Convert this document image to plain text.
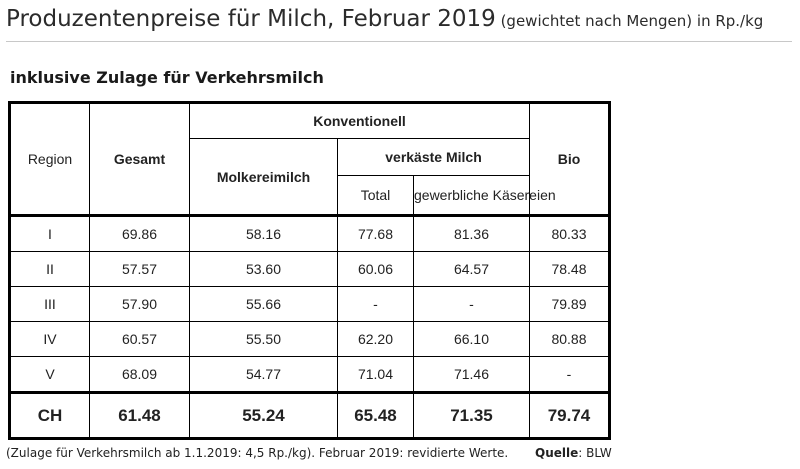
Produzentenpreise für Milch, Februar 2019 (gewichtet nach Mengen) in Rp./kg
inklusive Zulage für Verkehrsmilch
Region	Gesamt	Konventionell			Bio
		Molkereimilch	verkäste Milch		
			Total	gewerbliche Käsereien	
I	69.86	58.16	77.68	81.36	80.33
II	57.57	53.60	60.06	64.57	78.48
III	57.90	55.66	-	-	79.89
IV	60.57	55.50	62.20	66.10	80.88
V	68.09	54.77	71.04	71.46	-
CH	61.48	55.24	65.48	71.35	79.74
(Zulage für Verkehrsmilch ab 1.1.2019: 4,5 Rp./kg). Februar 2019: revidierte Werte. Quelle: BLW
